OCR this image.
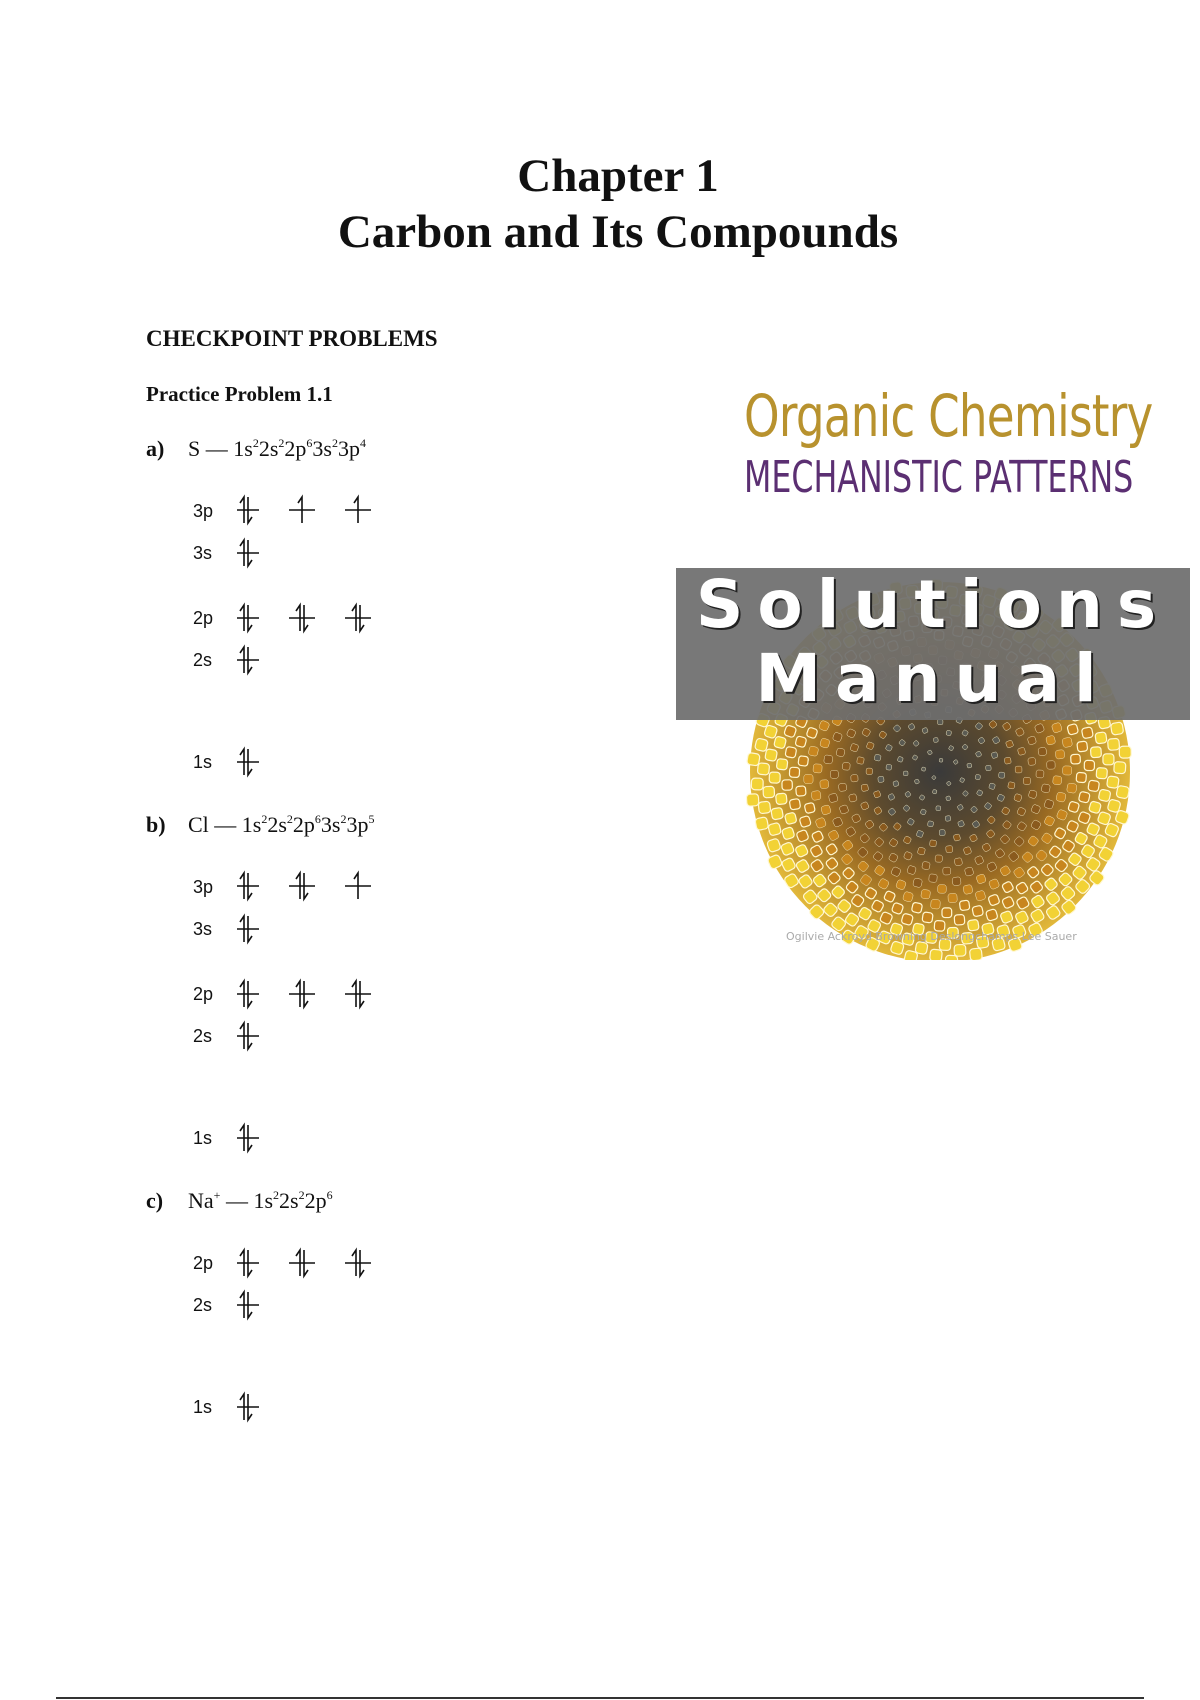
Chapter 1
Carbon and Its Compounds
CHECKPOINT PROBLEMS
Practice Problem 1.1
a) S — $1s^22s^22p^63s^23p^4$
3p
3s
2p
2s
1s
b) Cl — $1s^22s^22p^63s^23p^5$
3p
3s
2p
2s
1s
c) Na+ — $1s^22s^22p^6$
2p
2s
1s
Organic Chemistry
MECHANISTIC PATTERNS
Solutions
Manual
Ogilvie Ackroyd Browning Deslongchamps Lee Sauer
